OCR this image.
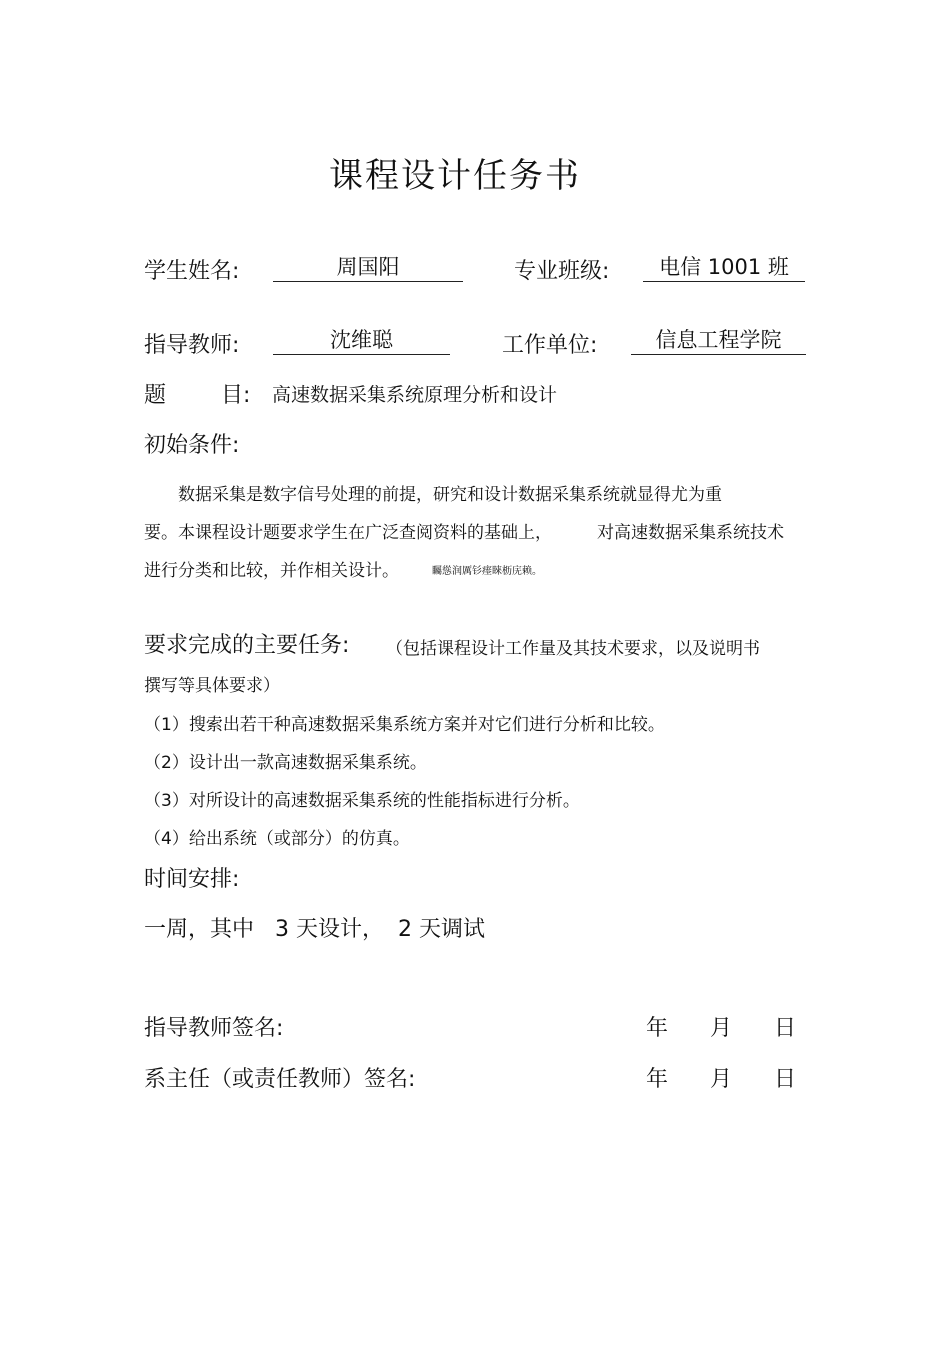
课程设计任务书
学生姓名:	周国阳	专业班级:	电信 1001 班
指导教师:	沈维聪	工作单位:	信息工程学院
题 目: 高速数据采集系统原理分析和设计
初始条件:
数据采集是数字信号处理的前提，研究和设计数据采集系统就显得尤为重
要。本课程设计题要求学生在广泛查阅资料的基础上，	对高速数据采集系统技术
进行分类和比较，并作相关设计。	矚慫润厲钐瘗睞枥庑赖。
要求完成的主要任务: （包括课程设计工作量及其技术要求，以及说明书
撰写等具体要求）
（1）搜索出若干种高速数据采集系统方案并对它们进行分析和比较。
（2）设计出一款高速数据采集系统。
（3）对所设计的高速数据采集系统的性能指标进行分析。
（4）给出系统（或部分）的仿真。
时间安排:
一周，其中   3 天设计，  2 天调试
指导教师签名:	年 月 日
系主任（或责任教师）签名:	年 月 日
